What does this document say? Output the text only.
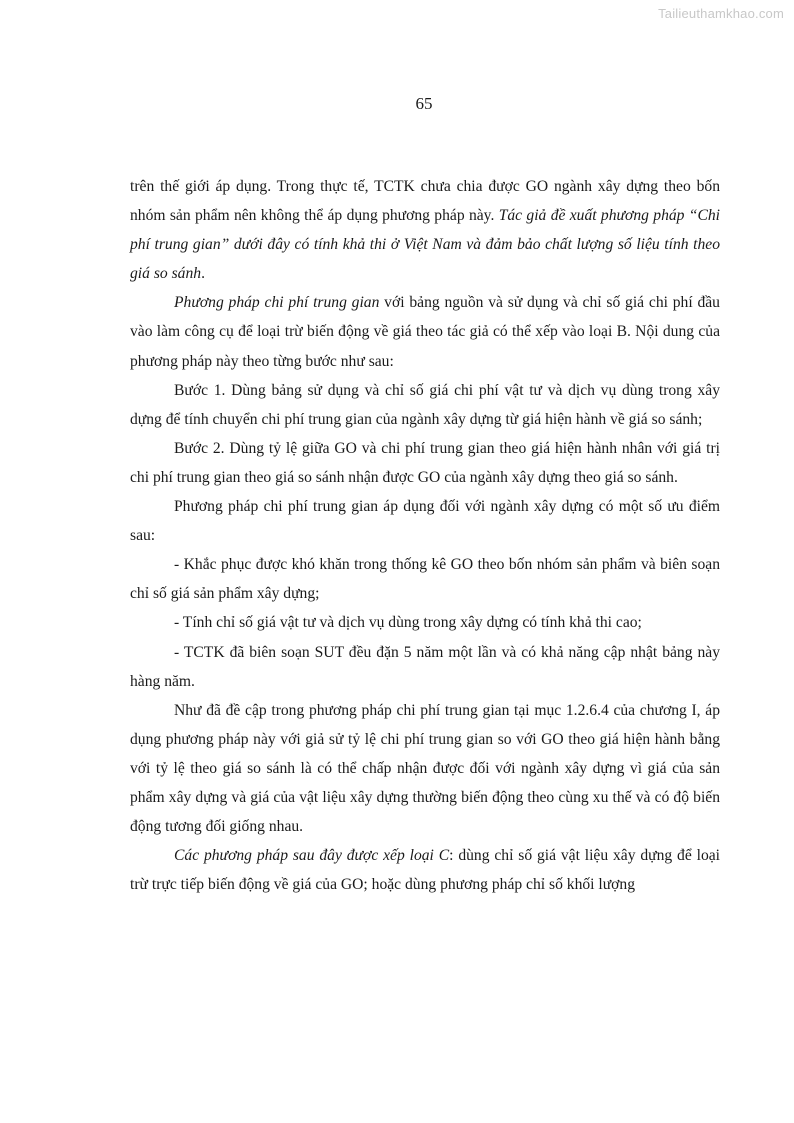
Tailieuthamkhao.com
65

trên thế giới áp dụng. Trong thực tế, TCTK chưa chia được GO ngành xây dựng theo bốn nhóm sản phẩm nên không thể áp dụng phương pháp này. Tác giả đề xuất phương pháp “Chi phí trung gian” dưới đây có tính khả thi ở Việt Nam và đảm bảo chất lượng số liệu tính theo giá so sánh.

Phương pháp chi phí trung gian với bảng nguồn và sử dụng và chỉ số giá chi phí đầu vào làm công cụ để loại trừ biến động về giá theo tác giả có thể xếp vào loại B. Nội dung của phương pháp này theo từng bước như sau:

Bước 1. Dùng bảng sử dụng và chỉ số giá chi phí vật tư và dịch vụ dùng trong xây dựng để tính chuyển chi phí trung gian của ngành xây dựng từ giá hiện hành về giá so sánh;

Bước 2. Dùng tỷ lệ giữa GO và chi phí trung gian theo giá hiện hành nhân với giá trị chi phí trung gian theo giá so sánh nhận được GO của ngành xây dựng theo giá so sánh.

Phương pháp chi phí trung gian áp dụng đối với ngành xây dựng có một số ưu điểm sau:

- Khắc phục được khó khăn trong thống kê GO theo bốn nhóm sản phẩm và biên soạn chỉ số giá sản phẩm xây dựng;

- Tính chỉ số giá vật tư và dịch vụ dùng trong xây dựng có tính khả thi cao;

- TCTK đã biên soạn SUT đều đặn 5 năm một lần và có khả năng cập nhật bảng này hàng năm.

Như đã đề cập trong phương pháp chi phí trung gian tại mục 1.2.6.4 của chương I, áp dụng phương pháp này với giả sử tỷ lệ chi phí trung gian so với GO theo giá hiện hành bằng với tỷ lệ theo giá so sánh là có thể chấp nhận được đối với ngành xây dựng vì giá của sản phẩm xây dựng và giá của vật liệu xây dựng thường biến động theo cùng xu thế và có độ biến động tương đối giống nhau.

Các phương pháp sau đây được xếp loại C: dùng chỉ số giá vật liệu xây dựng để loại trừ trực tiếp biến động về giá của GO; hoặc dùng phương pháp chỉ số khối lượng
